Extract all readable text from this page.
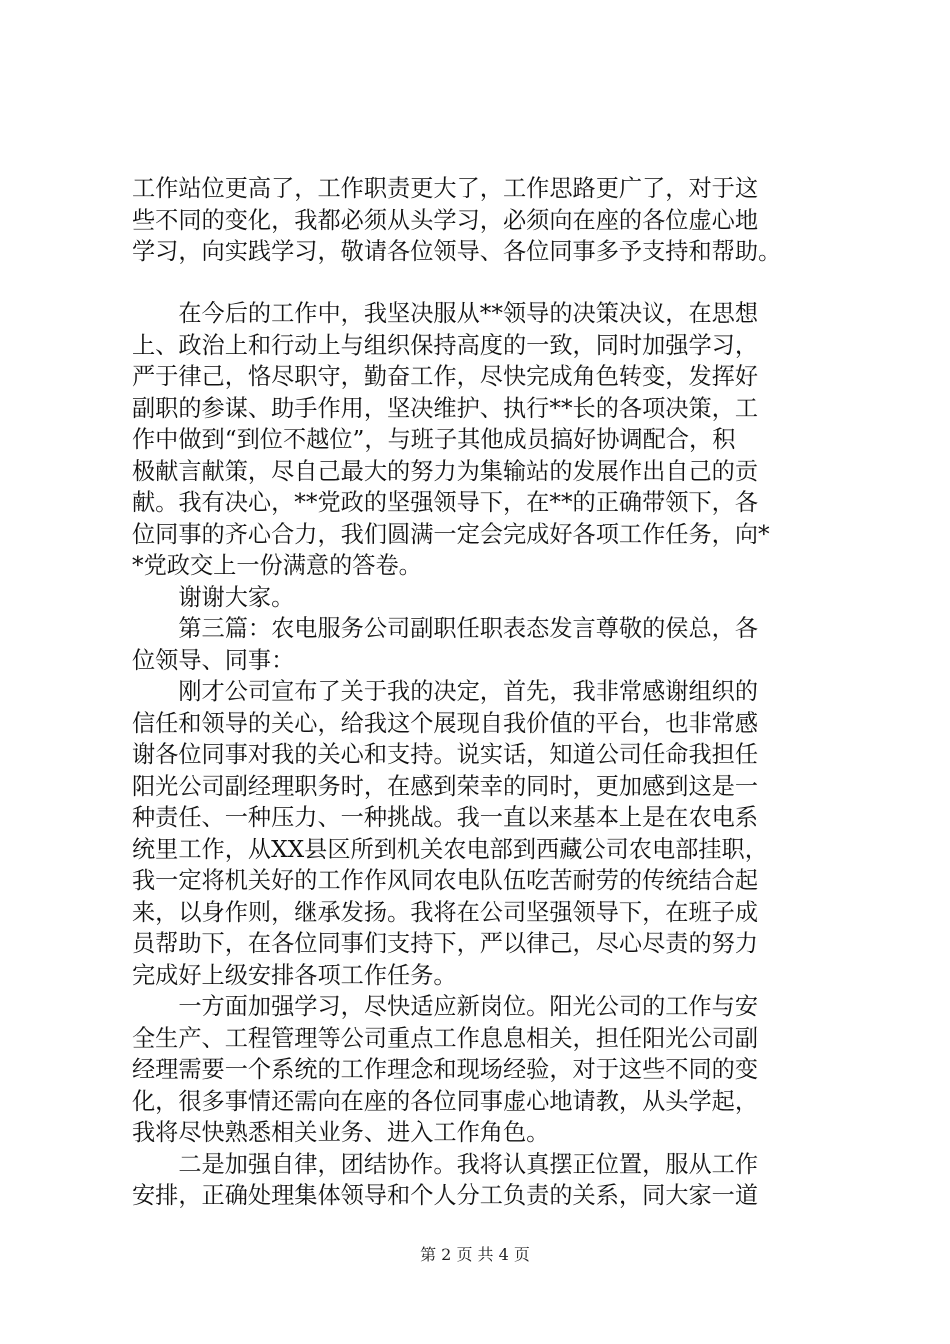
工作站位更高了，工作职责更大了，工作思路更广了，对于这
些不同的变化，我都必须从头学习，必须向在座的各位虚心地
学习，向实践学习，敬请各位领导、各位同事多予支持和帮助。
　　在今后的工作中，我坚决服从**领导的决策决议，在思想
上、政治上和行动上与组织保持高度的一致，同时加强学习，
严于律己，恪尽职守，勤奋工作，尽快完成角色转变，发挥好
副职的参谋、助手作用，坚决维护、执行**长的各项决策，工
作中做到“到位不越位”，与班子其他成员搞好协调配合，积
极献言献策，尽自己最大的努力为集输站的发展作出自己的贡
献。我有决心，**党政的坚强领导下，在**的正确带领下，各
位同事的齐心合力，我们圆满一定会完成好各项工作任务，向*
*党政交上一份满意的答卷。
　　谢谢大家。
　　第三篇：农电服务公司副职任职表态发言尊敬的侯总，各
位领导、同事：
　　刚才公司宣布了关于我的决定，首先，我非常感谢组织的
信任和领导的关心，给我这个展现自我价值的平台，也非常感
谢各位同事对我的关心和支持。说实话，知道公司任命我担任
阳光公司副经理职务时，在感到荣幸的同时，更加感到这是一
种责任、一种压力、一种挑战。我一直以来基本上是在农电系
统里工作，从XX县区所到机关农电部到西藏公司农电部挂职，
我一定将机关好的工作作风同农电队伍吃苦耐劳的传统结合起
来，以身作则，继承发扬。我将在公司坚强领导下，在班子成
员帮助下，在各位同事们支持下，严以律己，尽心尽责的努力
完成好上级安排各项工作任务。
　　一方面加强学习，尽快适应新岗位。阳光公司的工作与安
全生产、工程管理等公司重点工作息息相关，担任阳光公司副
经理需要一个系统的工作理念和现场经验，对于这些不同的变
化，很多事情还需向在座的各位同事虚心地请教，从头学起，
我将尽快熟悉相关业务、进入工作角色。
　　二是加强自律，团结协作。我将认真摆正位置，服从工作
安排，正确处理集体领导和个人分工负责的关系，同大家一道
第 2 页 共 4 页
